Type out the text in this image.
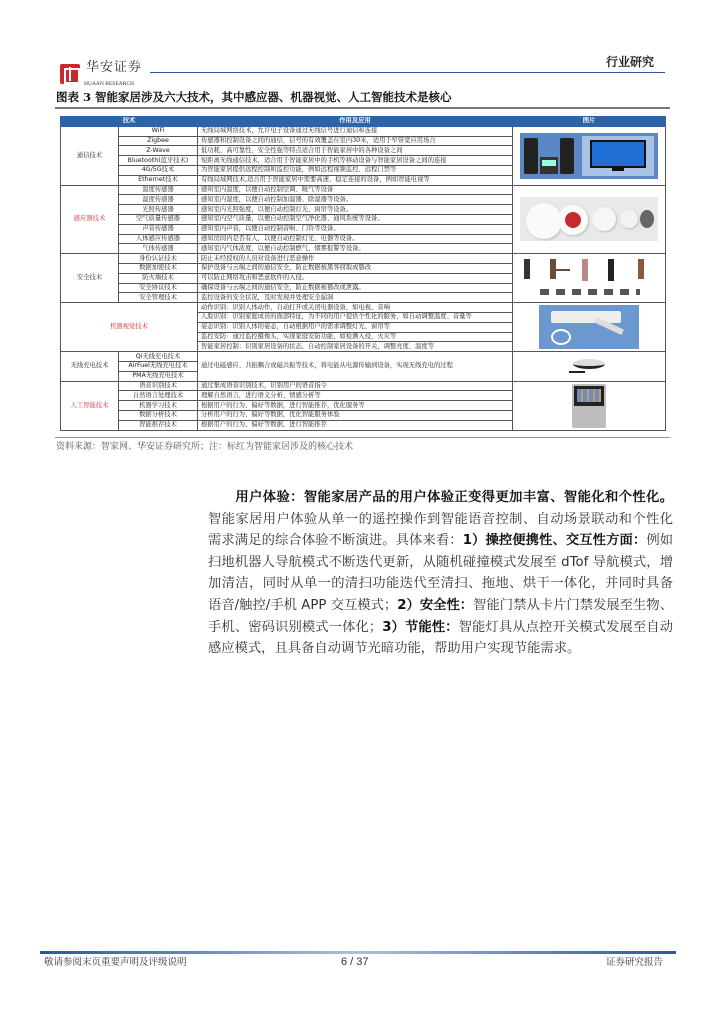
华安证券
HUAAN RESEARCH
行业研究
图表 3 智能家居涉及六大技术，其中感应器、机器视觉、人工智能技术是核心
技术		作用及应用	图片
通信技术	WiFi	无线局域网络技术，允许电子设备通过无线信号进行通信和连接	

	Zigbee	传感器和控制设备之间的通信，信号的有效覆盖在室内30米，适用于窄带宽应用场合	
	Z-Wave	低功耗、高可靠性、安全性强等特点适合用于智能家居中的各种设备之间	
	Bluetooth(蓝牙技术)	短距离无线通信技术，适合用于智能家居中的手机等移动设备与智能家居设备之间的连接	
	4G/5G技术	为智能家居提供远程控制和监控功能，例如远程视频监控、远程门禁等	
	Ethernet技术	有线局域网技术,适合用于智能家居中需要高速、稳定连接的设备，例如智能电视等	
感应器技术	温度传感器	感知室内温度，以便自动控制空调、暖气等设备	

	湿度传感器	感知室内湿度，以便自动控制加湿器、除湿器等设备。	
	光照传感器	感知室内光照强度，以便自动控制灯光、窗帘等设备。	
	空气质量传感器	感知室内空气质量，以便自动控制空气净化器、通风系统等设备。	
	声音传感器	感知室内声音，以便自动控制音响、门铃等设备。	
	人体感应传感器	感知房间内是否有人，以便自动控制灯光、电器等设备。	
	气体传感器	感知室内气体浓度，以便自动控制燃气、烟雾报警等设备。	
安全技术	身份认证技术	防止未经授权的人员对设备进行恶意操作	

	数据加密技术	保护设备与云端之间的通信安全，防止数据被黑客窃取或篡改	
	防火墙技术	可以防止网络攻击和恶意软件的入侵。	
	安全协议技术	确保设备与云端之间的通信安全，防止数据被篡改或泄露。	
	安全管理技术	监控设备的安全状况，及时发现并处理安全漏洞	
机器视觉技术		动作识别：识别人体动作，自动打开或关闭电器设备，如电视、音响	

		人脸识别：识别家庭成员的面部特征，为不同的用户提供个性化的服务，如自动调整温度、音量等	
		姿态识别：识别人体的姿态，自动根据用户的需求调整灯光、窗帘等	
		监控安防：通过监控摄像头，实现家庭安防功能，如检测入侵、火灾等	
		智能家居控制：识别家居设备的状态，自动控制家居设备的开关，调整亮度、温度等	
无线充电技术	Qi无线充电技术	通过电磁感应、共振耦合或磁共振等技术，将电能从电源传输到设备，实现无线充电的过程	

	AirFuel无线充电技术		
	PMA无线充电技术		
人工智能技术	语音识别技术	通过集成语音识别技术，识别用户的语音指令	

	自然语言处理技术	理解自然语言，进行语义分析、情感分析等	
	机器学习技术	根据用户的行为、偏好等数据，进行智能推荐，优化服务等	
	数据分析技术	分析用户的行为、偏好等数据，优化智能服务体验	
	智能推荐技术	根据用户的行为、偏好等数据，进行智能推荐	
资料来源：智家网、华安证券研究所；注：标红为智能家居涉及的核心技术
用户体验：智能家居产品的用户体验正变得更加丰富、智能化和个性化。智能家居用户体验从单一的遥控操作到智能语音控制、自动场景联动和个性化需求满足的综合体验不断演进。具体来看：1）操控便携性、交互性方面：例如扫地机器人导航模式不断迭代更新，从随机碰撞模式发展至 dTof 导航模式，增加清洁，同时从单一的清扫功能迭代至清扫、拖地、烘干一体化，并同时具备语音/触控/手机 APP 交互模式；2）安全性：智能门禁从卡片门禁发展至生物、手机、密码识别模式一体化；3）节能性：智能灯具从点控开关模式发展至自动感应模式，且具备自动调节光暗功能，帮助用户实现节能需求。
敬请参阅末页重要声明及评级说明	6 / 37	证券研究报告
